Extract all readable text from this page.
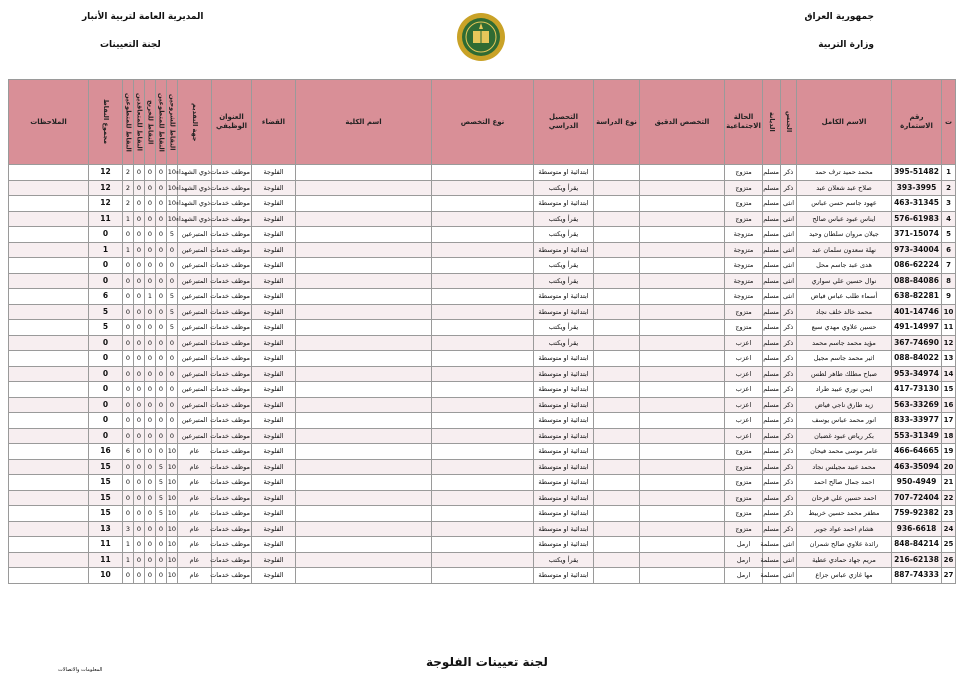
جمهورية العراق
وزارة التربية
المديرية العامة لتربية الأنبار
لجنة التعيينات
ت	رقم الاستمارة	الاسم الكامل	الجنس	الديانة	الحالة الاجتماعية	التخصص الدقيق	نوع الدراسة	التحصيل الدراسي	نوع التخصص	اسم الكلية	القضاء	العنوان الوظيفي	جهة التقديم	النقاط للشروحين	النقاط للمتطوعين	النقاط للخريج	النقاط للمتعاقدين	النقاط للمتطوعين	مجموع النقاط	الملاحظات
1	395-51482	محمد حميد ترف حمد	ذكر	مسلم	متزوج			ابتدائية او متوسطة			الفلوجة	موظف خدمات	ذوي الشهداء	10	0	0	0	2	12	
2	393-3995	صلاح عبد شعلان عبد	ذكر	مسلم	متزوج			يقرأ ويكتب			الفلوجة	موظف خدمات	ذوي الشهداء	10	0	0	0	2	12	
3	463-31345	عهود جاسم حسن عباس	انثى	مسلم	متزوج			ابتدائية او متوسطة			الفلوجة	موظف خدمات	ذوي الشهداء	10	0	0	0	2	12	
4	576-61983	ايناس عبود عباس صالح	انثى	مسلم	متزوج			يقرأ ويكتب			الفلوجة	موظف خدمات	ذوي الشهداء	10	0	0	0	1	11	
5	371-15074	جيلان مروان سلطان وحيد	انثى	مسلم	متزوجة			يقرأ ويكتب			الفلوجة	موظف خدمات	المتبرعين	5	0	0	0	0	0	
6	973-34004	نهلة سعدون سلمان عبد	انثى	مسلم	متزوجة			ابتدائية او متوسطة			الفلوجة	موظف خدمات	المتبرعين	0	0	0	0	1	1	
7	086-62224	هدى عبد جاسم محل	انثى	مسلم	متزوجة			يقرأ ويكتب			الفلوجة	موظف خدمات	المتبرعين	0	0	0	0	0	0	
8	088-84086	نوال حسين علي سواري	انثى	مسلم	متزوجة			يقرأ ويكتب			الفلوجة	موظف خدمات	المتبرعين	0	0	0	0	0	0	
9	638-82281	أسماء طلب عباس فياض	انثى	مسلم	متزوجة			ابتدائية او متوسطة			الفلوجة	موظف خدمات	المتبرعين	5	0	1	0	0	6	
10	401-14746	محمد خالد خلف نجاد	ذكر	مسلم	متزوج			ابتدائية او متوسطة			الفلوجة	موظف خدمات	المتبرعين	5	0	0	0	0	5	
11	491-14997	حسين علاوي مهدي سبع	ذكر	مسلم	متزوج			يقرأ ويكتب			الفلوجة	موظف خدمات	المتبرعين	5	0	0	0	0	5	
12	367-74690	مؤيد محمد جاسم محمد	ذكر	مسلم	اعزب			يقرأ ويكتب			الفلوجة	موظف خدمات	المتبرعين	0	0	0	0	0	0	
13	088-84022	اثير محمد جاسم مجيل	ذكر	مسلم	اعزب			ابتدائية او متوسطة			الفلوجة	موظف خدمات	المتبرعين	0	0	0	0	0	0	
14	953-34974	صباح مطلك طاهر لطس	ذكر	مسلم	اعزب			ابتدائية او متوسطة			الفلوجة	موظف خدمات	المتبرعين	0	0	0	0	0	0	
15	417-73130	ايمن نوري عبيد طراد	ذكر	مسلم	اعزب			ابتدائية او متوسطة			الفلوجة	موظف خدمات	المتبرعين	0	0	0	0	0	0	
16	563-33269	زيد طارق ناجي فياض	ذكر	مسلم	اعزب			ابتدائية او متوسطة			الفلوجة	موظف خدمات	المتبرعين	0	0	0	0	0	0	
17	833-33977	انور محمد عباس يوسف	ذكر	مسلم	اعزب			ابتدائية او متوسطة			الفلوجة	موظف خدمات	المتبرعين	0	0	0	0	0	0	
18	553-31349	بكر رياض عبود غضبان	ذكر	مسلم	اعزب			ابتدائية او متوسطة			الفلوجة	موظف خدمات	المتبرعين	0	0	0	0	0	0	
19	466-64665	عامر موسى محمد فيحان	ذكر	مسلم	متزوج			ابتدائية او متوسطة			الفلوجة	موظف خدمات	عام	10	0	0	0	6	16	
20	463-35094	محمد عبيد مجيلس نجاد	ذكر	مسلم	متزوج			ابتدائية او متوسطة			الفلوجة	موظف خدمات	عام	10	5	0	0	0	15	
21	950-4949	احمد جمال صالح احمد	ذكر	مسلم	متزوج			ابتدائية او متوسطة			الفلوجة	موظف خدمات	عام	10	5	0	0	0	15	
22	707-72404	احمد حسين علي فرحان	ذكر	مسلم	متزوج			ابتدائية او متوسطة			الفلوجة	موظف خدمات	عام	10	5	0	0	0	15	
23	759-92382	مظفر محمد حسين خربيط	ذكر	مسلم	متزوج			ابتدائية او متوسطة			الفلوجة	موظف خدمات	عام	10	5	0	0	0	15	
24	936-6618	هشام احمد عواد جوير	ذكر	مسلم	متزوج			ابتدائية او متوسطة			الفلوجة	موظف خدمات	عام	10	0	0	0	3	13	
25	848-84214	رائدة علاوي صالح شمران	انثى	مسلمة	ارمل			ابتدائية او متوسطة			الفلوجة	موظف خدمات	عام	10	0	0	0	1	11	
26	216-62138	مريم جهاد حمادي عطية	انثى	مسلمة	ارمل			يقرأ ويكتب			الفلوجة	موظف خدمات	عام	10	0	0	0	1	11	
27	887-74333	مها غازي عباس جزاع	انثى	مسلمة	ارمل			ابتدائية او متوسطة			الفلوجة	موظف خدمات	عام	10	0	0	0	0	10	
لجنة تعيينات الفلوجة
المعلومات والاتصالات
